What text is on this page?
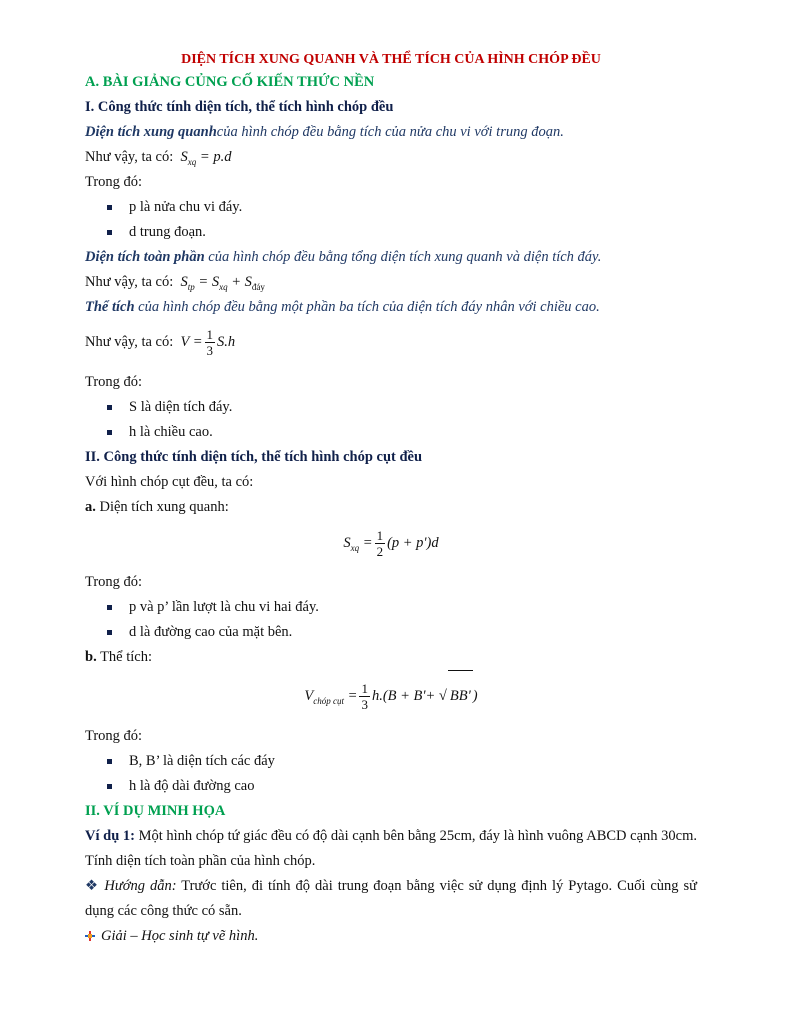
DIỆN TÍCH XUNG QUANH VÀ THỂ TÍCH CỦA HÌNH CHÓP ĐỀU
A. BÀI GIẢNG CỦNG CỐ KIẾN THỨC NỀN
I. Công thức tính diện tích, thể tích hình chóp đều
Diện tích xung quanhcủa hình chóp đều bằng tích của nửa chu vi với trung đoạn.
Như vậy, ta có: $S_{xq} = p.d$
Trong đó:
p là nửa chu vi đáy.
d trung đoạn.
Diện tích toàn phần của hình chóp đều bằng tổng diện tích xung quanh và diện tích đáy.
Như vậy, ta có: $S_{tp} = S_{xq} + S_{đáy}$
Thể tích của hình chóp đều bằng một phần ba tích của diện tích đáy nhân với chiều cao.
Như vậy, ta có: $V = \frac{1}{3} S.h$
Trong đó:
S là diện tích đáy.
h là chiều cao.
II. Công thức tính diện tích, thể tích hình chóp cụt đều
Với hình chóp cụt đều, ta có:
a. Diện tích xung quanh:
$S_{xq} = \frac{1}{2} (p + p')d$
Trong đó:
p và p’ lần lượt là chu vi hai đáy.
d là đường cao của mặt bên.
b. Thể tích:
$V_{chóp cụt} = \frac{1}{3} h.(B + B'+$ √ BB' )
Trong đó:
B, B’ là diện tích các đáy
h là độ dài đường cao
II. VÍ DỤ MINH HỌA
Ví dụ 1: Một hình chóp tứ giác đều có độ dài cạnh bên bằng 25cm, đáy là hình vuông ABCD cạnh 30cm. Tính diện tích toàn phần của hình chóp.
❖ Hướng dẫn: Trước tiên, đi tính độ dài trung đoạn bằng việc sử dụng định lý Pytago. Cuối cùng sử dụng các công thức có sẵn.
Giải – Học sinh tự vẽ hình.
